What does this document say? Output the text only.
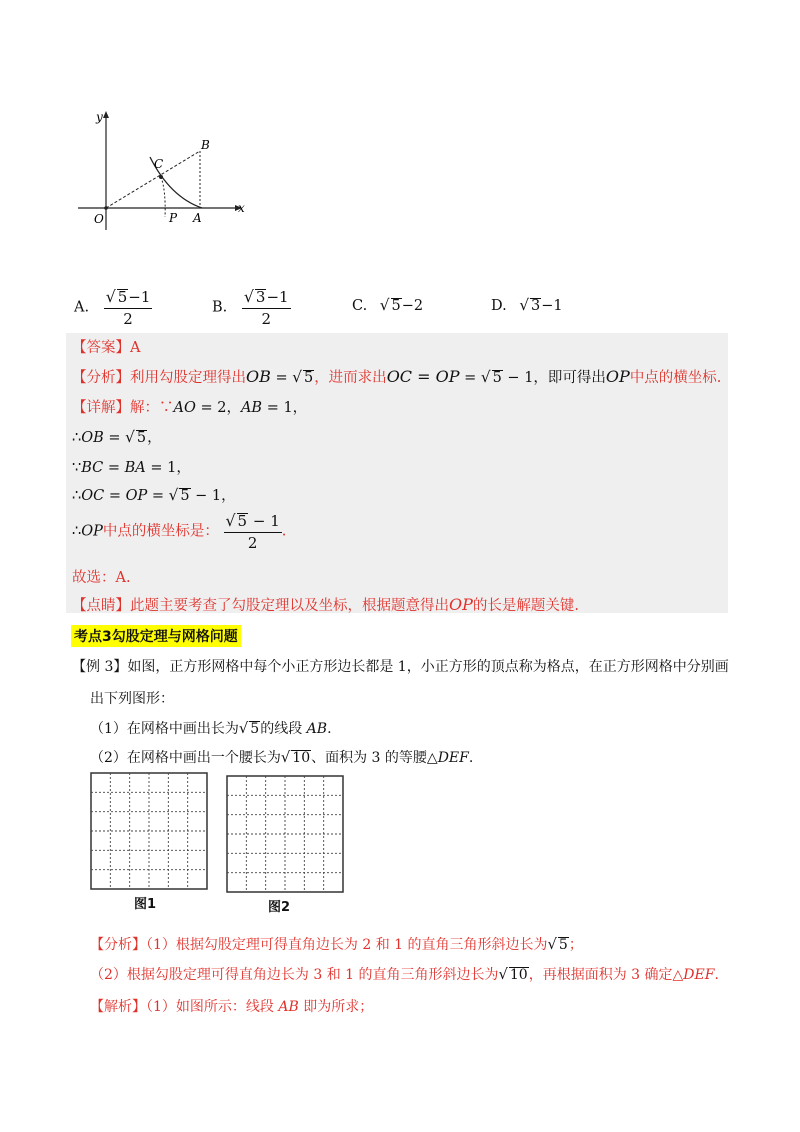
y
x
O	P A
B
C
A. $\frac{√ 5-1}{2}$	B. $\frac{√ 3-1}{2}$	C. √ 5−2	D. √ 3−1
【答案】A
【分析】利用勾股定理得出OB = √ 5，进而求出OC = OP = √ 5 − 1，即可得出OP中点的横坐标.
【详解】解：∵AO = 2，AB = 1，
∴OB = √ 5，
∵BC = BA = 1，
∴OC = OP = √ 5 − 1，
∴OP中点的横坐标是： $\frac{√ 5 - 1}{2}$ .
故选：A.
【点睛】此题主要考查了勾股定理以及坐标，根据题意得出OP的长是解题关键.
考点3勾股定理与网格问题
【例 3】如图，正方形网格中每个小正方形边长都是 1，小正方形的顶点称为格点，在正方形网格中分别画
出下列图形：
（1）在网格中画出长为√ 5的线段 AB.
（2）在网格中画出一个腰长为√ 10、面积为 3 的等腰△DEF.
图1	图2
【分析】（1）根据勾股定理可得直角边长为 2 和 1 的直角三角形斜边长为√ 5；
（2）根据勾股定理可得直角边长为 3 和 1 的直角三角形斜边长为√ 10，再根据面积为 3 确定△DEF.
【解析】（1）如图所示：线段 AB 即为所求；
